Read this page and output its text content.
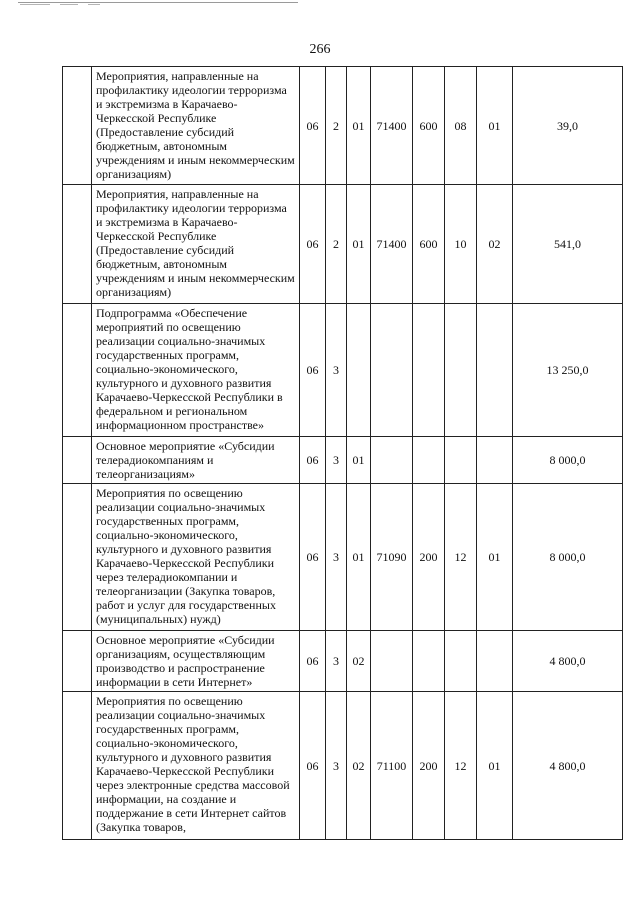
266
	Мероприятия, направленные на профилактику идеологии терроризма и экстремизма в Карачаево-Черкесской Республике (Предоставление субсидий бюджетным, автономным учреждениям и иным некоммерческим организациям)	06	2	01	71400	600	08	01	39,0
	Мероприятия, направленные на профилактику идеологии терроризма и экстремизма в Карачаево-Черкесской Республике (Предоставление субсидий бюджетным, автономным учреждениям и иным некоммерческим организациям)	06	2	01	71400	600	10	02	541,0
	Подпрограмма «Обеспечение мероприятий по освещению реализации социально-значимых государственных программ, социально-экономического, культурного и духовного развития Карачаево-Черкесской Республики в федеральном и региональном информационном пространстве»	06	3						13 250,0
	Основное мероприятие «Субсидии телерадиокомпаниям и телеорганизациям»	06	3	01					8 000,0
	Мероприятия по освещению реализации социально-значимых государственных программ, социально-экономического, культурного и духовного развития Карачаево-Черкесской Республики через телерадиокомпании и телеорганизации (Закупка товаров, работ и услуг для государственных (муниципальных) нужд)	06	3	01	71090	200	12	01	8 000,0
	Основное мероприятие «Субсидии организациям, осуществляющим производство и распространение информации в сети Интернет»	06	3	02					4 800,0
	Мероприятия по освещению реализации социально-значимых государственных программ, социально-экономического, культурного и духовного развития Карачаево-Черкесской Республики через электронные средства массовой информации, на создание и поддержание в сети Интернет сайтов (Закупка товаров,	06	3	02	71100	200	12	01	4 800,0
